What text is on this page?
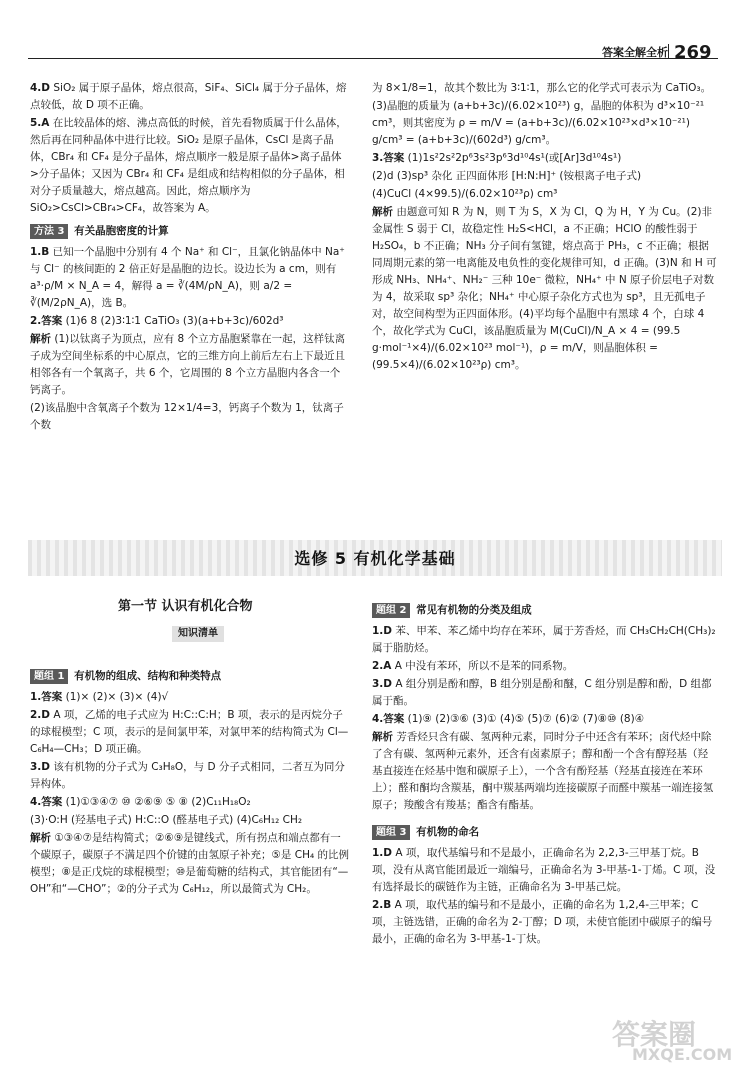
答案全解全析 269

4.D SiO₂ 属于原子晶体，熔点很高，SiF₄、SiCl₄ 属于分子晶体，熔点较低，故 D 项不正确。

5.A 在比较晶体的熔、沸点高低的时候，首先看物质属于什么晶体，然后再在同种晶体中进行比较。SiO₂ 是原子晶体，CsCl 是离子晶体，CBr₄ 和 CF₄ 是分子晶体，熔点顺序一般是原子晶体>离子晶体>分子晶体；又因为 CBr₄ 和 CF₄ 是组成和结构相似的分子晶体，相对分子质量越大，熔点越高。因此，熔点顺序为 SiO₂>CsCl>CBr₄>CF₄，故答案为 A。

方法 3 有关晶胞密度的计算

1.B 已知一个晶胞中分别有 4 个 Na⁺ 和 Cl⁻，且氯化钠晶体中 Na⁺ 与 Cl⁻ 的核间距的 2 倍正好是晶胞的边长。设边长为 a cm，则有 a³·ρ/M × N_A = 4，解得 a = ∛(4M/ρN_A)，则 a/2 = ∛(M/2ρN_A)，选 B。

2.答案 (1)6 8 (2)3∶1∶1 CaTiO₃ (3)(a+b+3c)/602d³

解析 (1)以钛离子为顶点，应有 8 个立方晶胞紧靠在一起，这样钛离子成为空间坐标系的中心原点，它的三维方向上前后左右上下最近且相邻各有一个氧离子，共 6 个，它周围的 8 个立方晶胞内各含一个钙离子。

(2)该晶胞中含氧离子个数为 12×1/4=3，钙离子个数为 1，钛离子个数

为 8×1/8=1，故其个数比为 3∶1∶1，那么它的化学式可表示为 CaTiO₃。

(3)晶胞的质量为 (a+b+3c)/(6.02×10²³) g，晶胞的体积为 d³×10⁻²¹ cm³，则其密度为 ρ = m/V = (a+b+3c)/(6.02×10²³×d³×10⁻²¹) g/cm³ = (a+b+3c)/(602d³) g/cm³。

3.答案 (1)1s²2s²2p⁶3s²3p⁶3d¹⁰4s¹(或[Ar]3d¹⁰4s¹)

(2)d (3)sp³ 杂化 正四面体形 [H:N:H]⁺ (铵根离子电子式)

(4)CuCl (4×99.5)/(6.02×10²³ρ) cm³

解析 由题意可知 R 为 N，则 T 为 S，X 为 Cl，Q 为 H，Y 为 Cu。(2)非金属性 S 弱于 Cl，故稳定性 H₂S<HCl，a 不正确；HClO 的酸性弱于 H₂SO₄，b 不正确；NH₃ 分子间有氢键，熔点高于 PH₃，c 不正确；根据同周期元素的第一电离能及电负性的变化规律可知，d 正确。(3)N 和 H 可形成 NH₃、NH₄⁺、NH₂⁻ 三种 10e⁻ 微粒，NH₄⁺ 中 N 原子价层电子对数为 4，故采取 sp³ 杂化；NH₄⁺ 中心原子杂化方式也为 sp³，且无孤电子对，故空间构型为正四面体形。(4)平均每个晶胞中有黑球 4 个，白球 4 个，故化学式为 CuCl，该晶胞质量为 M(CuCl)/N_A × 4 = (99.5 g·mol⁻¹×4)/(6.02×10²³ mol⁻¹)，ρ = m/V，则晶胞体积 = (99.5×4)/(6.02×10²³ρ) cm³。

选修 5 有机化学基础
第一节 认识有机化合物
知识清单
题组 1 有机物的组成、结构和种类特点

1.答案 (1)× (2)× (3)× (4)√

2.D A 项，乙烯的电子式应为 H:C::C:H；B 项，表示的是丙烷分子的球棍模型；C 项，表示的是间氯甲苯，对氯甲苯的结构简式为 Cl—C₆H₄—CH₃；D 项正确。

3.D 该有机物的分子式为 C₃H₈O，与 D 分子式相同，二者互为同分异构体。

4.答案 (1)①③④⑦ ⑩ ②⑥⑨ ⑤ ⑧ (2)C₁₁H₁₈O₂

(3)·O:H (羟基电子式) H:C::O (醛基电子式) (4)C₆H₁₂ CH₂

解析 ①③④⑦是结构简式；②⑥⑨是键线式，所有拐点和端点都有一个碳原子，碳原子不满足四个价键的由氢原子补充；⑤是 CH₄ 的比例模型；⑧是正戊烷的球棍模型；⑩是葡萄糖的结构式，其官能团有“—OH”和“—CHO”；②的分子式为 C₆H₁₂，所以最简式为 CH₂。

题组 2 常见有机物的分类及组成

1.D 苯、甲苯、苯乙烯中均存在苯环，属于芳香烃，而 CH₃CH₂CH(CH₃)₂ 属于脂肪烃。

2.A A 中没有苯环，所以不是苯的同系物。

3.D A 组分别是酚和醇，B 组分别是酚和醚，C 组分别是醇和酚，D 组都属于酯。

4.答案 (1)⑨ (2)③⑥ (3)① (4)⑤ (5)⑦ (6)② (7)⑧⑩ (8)④

解析 芳香烃只含有碳、氢两种元素，同时分子中还含有苯环；卤代烃中除了含有碳、氢两种元素外，还含有卤素原子；醇和酚一个含有醇羟基（羟基直接连在烃基中饱和碳原子上），一个含有酚羟基（羟基直接连在苯环上）；醛和酮均含羰基，酮中羰基两端均连接碳原子而醛中羰基一端连接氢原子；羧酸含有羧基；酯含有酯基。

题组 3 有机物的命名

1.D A 项，取代基编号和不是最小，正确命名为 2,2,3-三甲基丁烷。B 项，没有从离官能团最近一端编号，正确命名为 3-甲基-1-丁烯。C 项，没有选择最长的碳链作为主链，正确命名为 3-甲基己烷。

2.B A 项，取代基的编号和不是最小，正确的命名为 1,2,4-三甲苯；C 项，主链选错，正确的命名为 2-丁醇；D 项，未使官能团中碳原子的编号最小，正确的命名为 3-甲基-1-丁炔。

答案圈
MXQE.COM
